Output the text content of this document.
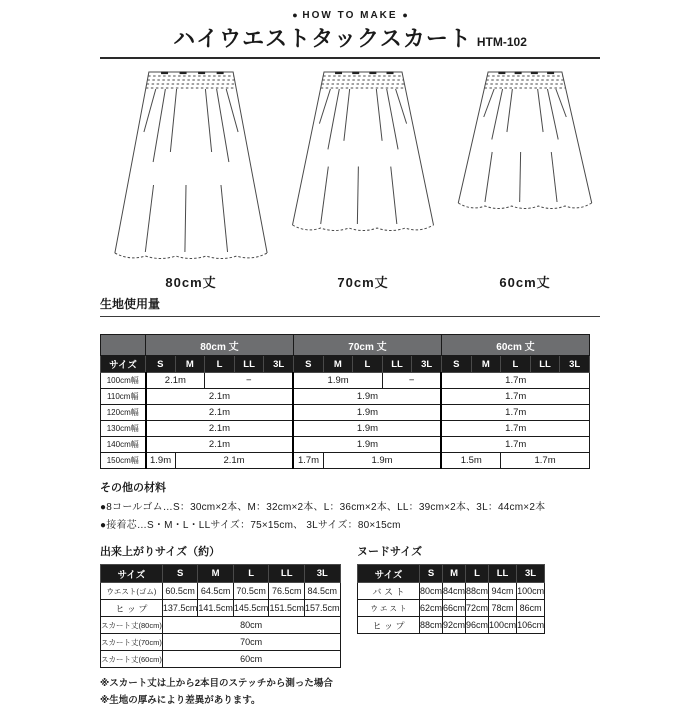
● HOW TO MAKE ●
ハイウエストタックスカート HTM-102
80cm丈	70cm丈	60cm丈
生地使用量
	80cm 丈					70cm 丈					60cm 丈				
サイズ	S	M	L	LL	3L	S	M	L	LL	3L	S	M	L	LL	3L
100cm幅	2.1m		−			1.9m			−		1.7m				
110cm幅	2.1m					1.9m					1.7m				
120cm幅	2.1m					1.9m					1.7m				
130cm幅	2.1m					1.9m					1.7m				
140cm幅	2.1m					1.9m					1.7m				
150cm幅	1.9m	2.1m				1.7m	1.9m				1.5m		1.7m		
その他の材料

●8コールゴム…S：30cm×2本、M：32cm×2本、L：36cm×2本、LL：39cm×2本、3L：44cm×2本

●接着芯…S・M・L・LLサイズ：75×15cm、 3Lサイズ：80×15cm

出来上がりサイズ（約）
サイズ	S	M	L	LL	3L
ウエスト(ゴム)	60.5cm	64.5cm	70.5cm	76.5cm	84.5cm
ヒ ッ プ	137.5cm	141.5cm	145.5cm	151.5cm	157.5cm
スカート丈(80cm)	80cm				
スカート丈(70cm)	70cm				
スカート丈(60cm)	60cm				

※スカート丈は上から2本目のステッチから測った場合

※生地の厚みにより差異があります。

ヌードサイズ
サイズ	S	M	L	LL	3L
バ ス ト	80cm	84cm	88cm	94cm	100cm
ウ エ ス ト	62cm	66cm	72cm	78cm	86cm
ヒ ッ プ	88cm	92cm	96cm	100cm	106cm
